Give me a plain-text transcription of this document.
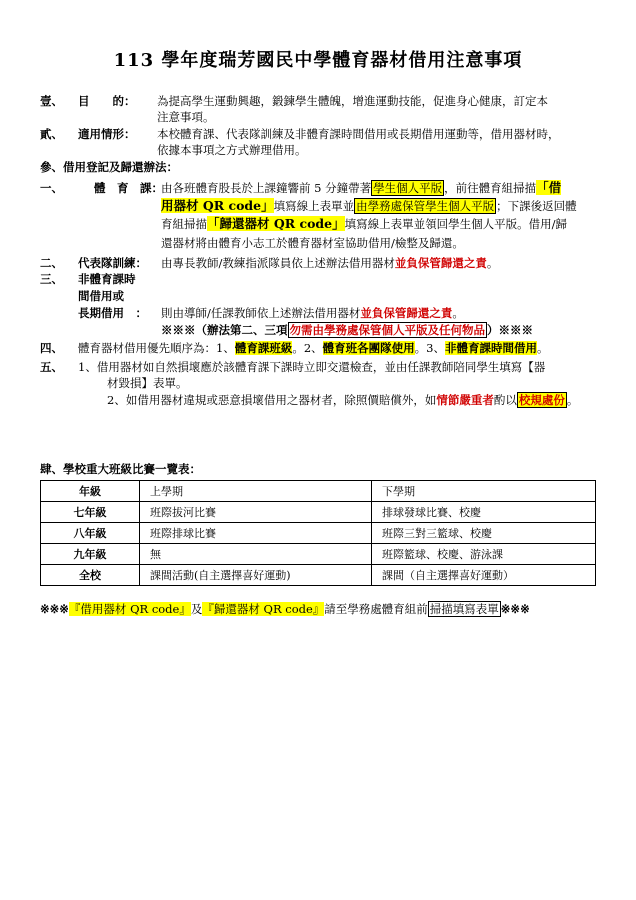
113 學年度瑞芳國民中學體育器材借用注意事項
壹、 目　　的： 為提高學生運動興趣，鍛鍊學生體魄，增進運動技能，促進身心健康，訂定本
注意事項。
貳、 適用情形： 本校體育課、代表隊訓練及非體育課時間借用或長期借用運動等，借用器材時，
依據本事項之方式辦理借用。
參、借用登記及歸還辦法：
一、	體　育　課：
由各班體育股長於上課鐘響前 5 分鐘帶著 學生個人平版 ，前往體育組掃描「借
用器材 QR code」填寫線上表單並 由學務處保管學生個人平版 ；下課後返回體
育組掃描「歸還器材 QR code」填寫線上表單並領回學生個人平版。借用/歸
還器材將由體育小志工於體育器材室協助借用/檢整及歸還。
二、 代表隊訓練： 由專長教師/教練指派隊員依上述辦法借用器材並負保管歸還之責。
三、 非體育課時
間借用或
長期借用　： 則由導師/任課教師依上述辦法借用器材並負保管歸還之責。
※※※（辦法第二、三項 勿需由學務處保管個人平版及任何物品 ）※※※
四、 體育器材借用優先順序為：1、體育課班級。2、體育班各團隊使用。3、非體育課時間借用。
五、 1、借用器材如自然損壞應於該體育課下課時立即交還檢查，並由任課教師陪同學生填寫【器
材毀損】表單。
2、如借用器材違規或惡意損壞借用之器材者，除照價賠償外，如情節嚴重者酌以 校規處份 。
肆、學校重大班級比賽一覽表：
年級	上學期	下學期
七年級	班際拔河比賽	排球發球比賽、校慶
八年級	班際排球比賽	班際三對三籃球、校慶
九年級	無	班際籃球、校慶、游泳課
全校	課間活動(自主選擇喜好運動)	課間（自主選擇喜好運動）
※※※『借用器材 QR code』及『歸還器材 QR code』請至學務處體育組前 掃描填寫表單 ※※※
